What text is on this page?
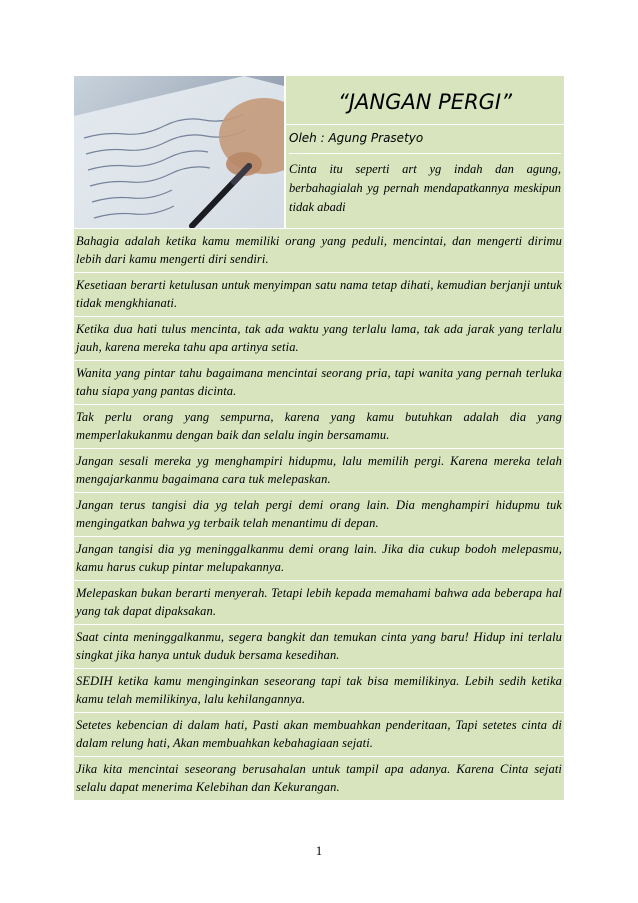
“JANGAN PERGI”
Oleh : Agung Prasetyo
Cinta itu seperti art yg indah dan agung, berbahagialah yg pernah mendapatkannya meskipun tidak abadi
Bahagia adalah ketika kamu memiliki orang yang peduli, mencintai, dan mengerti dirimu lebih dari kamu mengerti diri sendiri.
Kesetiaan berarti ketulusan untuk menyimpan satu nama tetap dihati, kemudian berjanji untuk tidak mengkhianati.
Ketika dua hati tulus mencinta, tak ada waktu yang terlalu lama, tak ada jarak yang terlalu jauh, karena mereka tahu apa artinya setia.
Wanita yang pintar tahu bagaimana mencintai seorang pria, tapi wanita yang pernah terluka tahu siapa yang pantas dicinta.
Tak perlu orang yang sempurna, karena yang kamu butuhkan adalah dia yang memperlakukanmu dengan baik dan selalu ingin bersamamu.
Jangan sesali mereka yg menghampiri hidupmu, lalu memilih pergi. Karena mereka telah mengajarkanmu bagaimana cara tuk melepaskan.
Jangan terus tangisi dia yg telah pergi demi orang lain. Dia menghampiri hidupmu tuk mengingatkan bahwa yg terbaik telah menantimu di depan.
Jangan tangisi dia yg meninggalkanmu demi orang lain. Jika dia cukup bodoh melepasmu, kamu harus cukup pintar melupakannya.
Melepaskan bukan berarti menyerah. Tetapi lebih kepada memahami bahwa ada beberapa hal yang tak dapat dipaksakan.
Saat cinta meninggalkanmu, segera bangkit dan temukan cinta yang baru! Hidup ini terlalu singkat jika hanya untuk duduk bersama kesedihan.
SEDIH ketika kamu menginginkan seseorang tapi tak bisa memilikinya. Lebih sedih ketika kamu telah memilikinya, lalu kehilangannya.
Setetes kebencian di dalam hati, Pasti akan membuahkan penderitaan, Tapi setetes cinta di dalam relung hati, Akan membuahkan kebahagiaan sejati.
Jika kita mencintai seseorang berusahalan untuk tampil apa adanya. Karena Cinta sejati selalu dapat menerima Kelebihan dan Kekurangan.
1
